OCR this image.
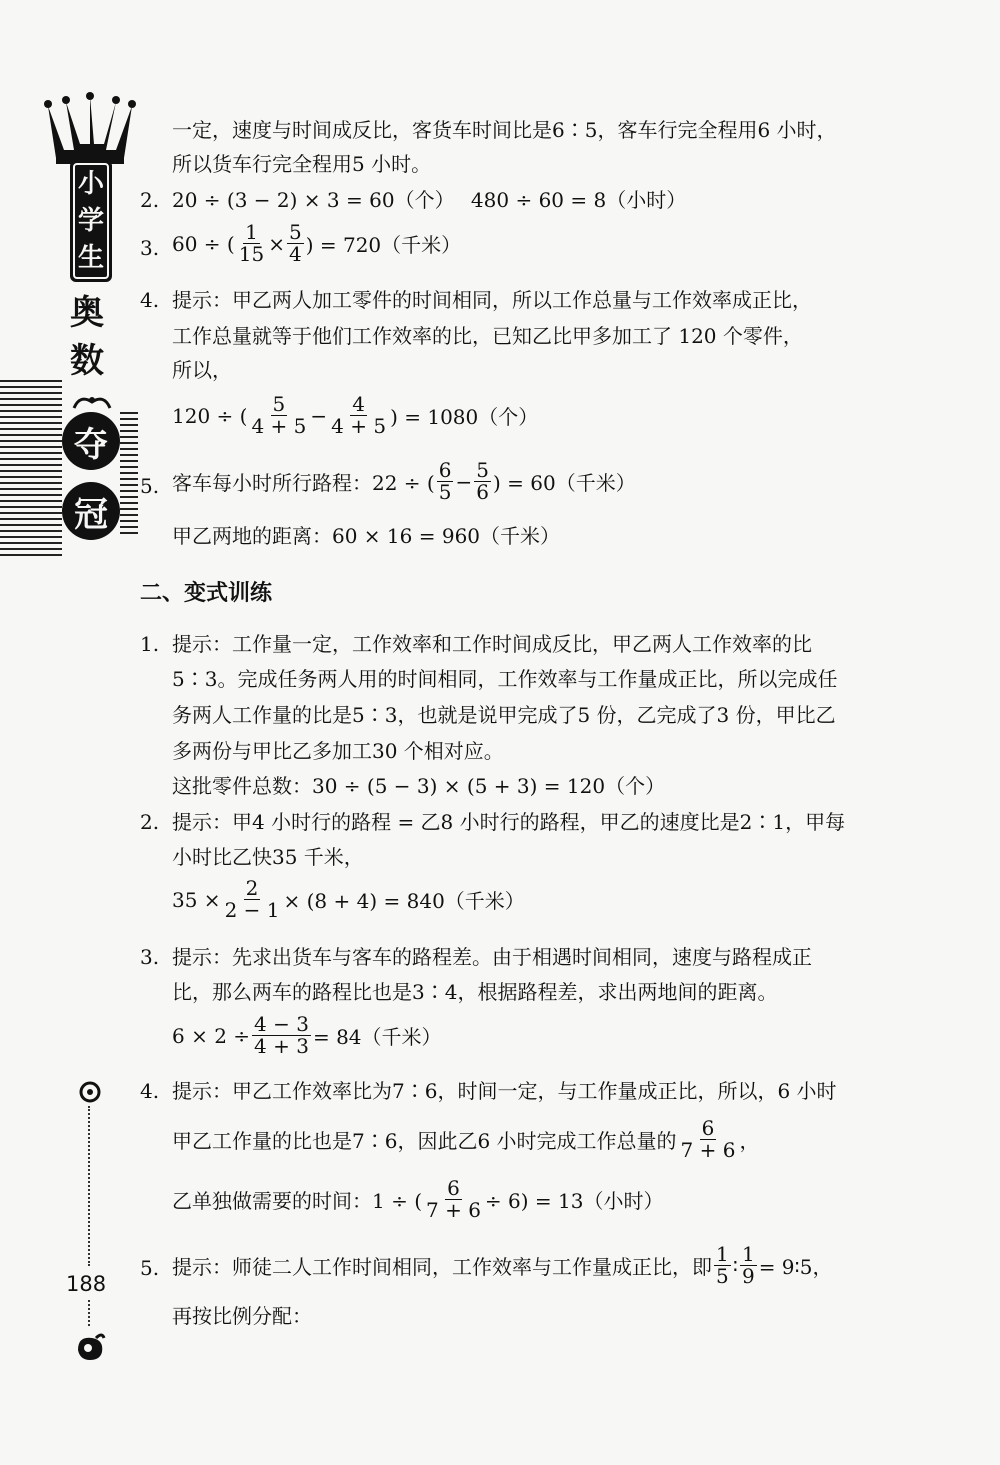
小
学
生
奥
数
夺
冠
188
一定，速度与时间成反比，客货车时间比是6∶5，客车行完全程用6 小时，
所以货车行完全程用5 小时。
2. 20 ÷ (3 − 2) × 3 = 60（个）　 480 ÷ 60 = 8（小时）
3. 60 ÷ ( $\frac{1}{15} \times \frac{5}{4}$ ) = 720（千米）
4. 提示：甲乙两人加工零件的时间相同，所以工作总量与工作效率成正比，
工作总量就等于他们工作效率的比，已知乙比甲多加工了 120 个零件，
所以，
120 ÷ ( $\frac{5}{4 + 5} - \frac{4}{4 + 5}$ ) = 1080（个）
5. 客车每小时所行路程：22 ÷ ( $\frac{6}{5} - \frac{5}{6}$ ) = 60（千米）
甲乙两地的距离：60 × 16 = 960（千米）
二、变式训练
1. 提示：工作量一定，工作效率和工作时间成反比，甲乙两人工作效率的比
5∶3。完成任务两人用的时间相同，工作效率与工作量成正比，所以完成任
务两人工作量的比是5∶3，也就是说甲完成了5 份，乙完成了3 份，甲比乙
多两份与甲比乙多加工30 个相对应。
这批零件总数：30 ÷ (5 − 3) × (5 + 3) = 120（个）
2. 提示：甲4 小时行的路程 = 乙8 小时行的路程，甲乙的速度比是2∶1，甲每
小时比乙快35 千米，
$35 \times \frac{2}{2 - 1} \times (8 + 4) = 840$（千米）
3. 提示：先求出货车与客车的路程差。由于相遇时间相同，速度与路程成正
比，那么两车的路程比也是3∶4，根据路程差，求出两地间的距离。
$6 \times 2 \div \frac{4 - 3}{4 + 3} = 84$（千米）
4. 提示：甲乙工作效率比为7∶6，时间一定，与工作量成正比，所以，6 小时
甲乙工作量的比也是7∶6，因此乙6 小时完成工作总量的 $\frac{6}{7 + 6}$ ，
乙单独做需要的时间：1 ÷ ( $\frac{6}{7 + 6} \div 6) = 13$（小时）
5. 提示：师徒二人工作时间相同，工作效率与工作量成正比，即 $\frac{1}{5}$ ∶ $\frac{1}{9}$ = 9∶5，
再按比例分配：
